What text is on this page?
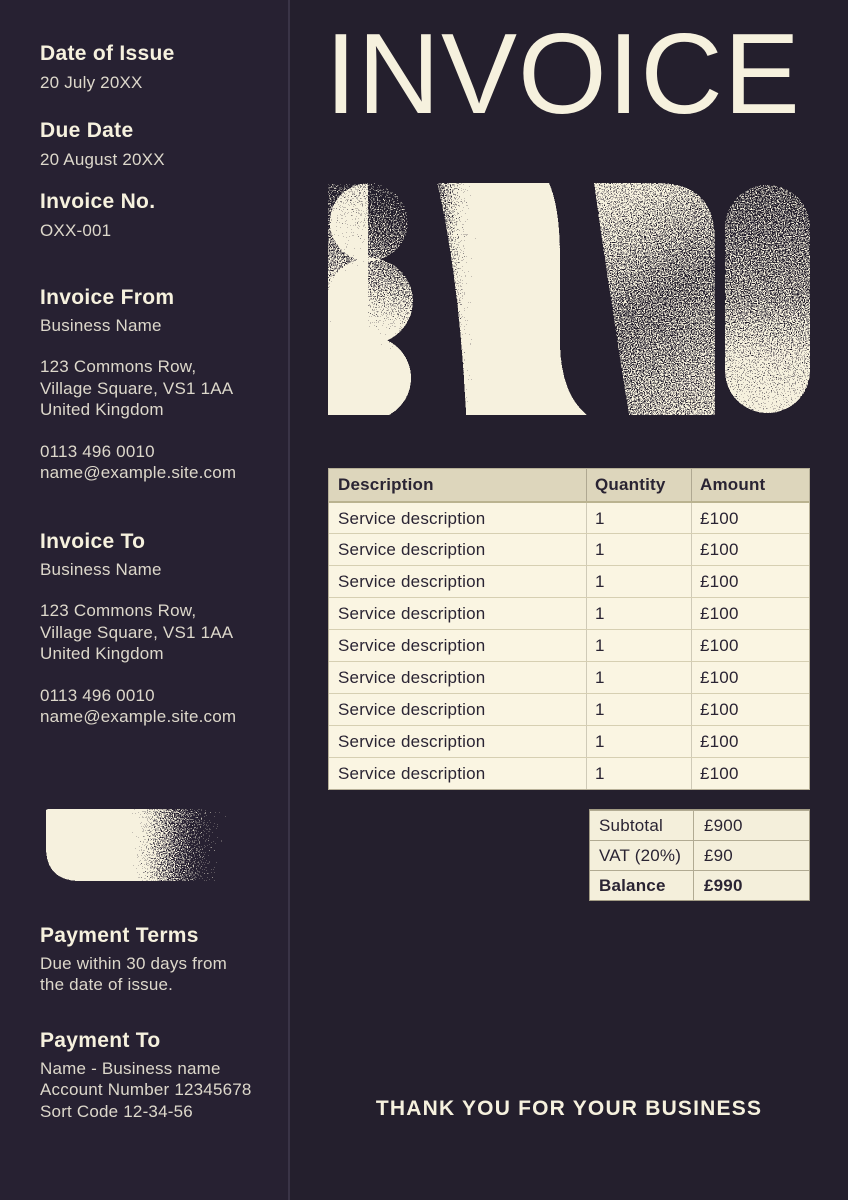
Date of Issue
20 July 20XX
Due Date
20 August 20XX
Invoice No.
OXX-001
Invoice From
Business Name
123 Commons Row,
Village Square, VS1 1AA
United Kingdom
0113 496 0010
name@example.site.com
Invoice To
Business Name
123 Commons Row,
Village Square, VS1 1AA
United Kingdom
0113 496 0010
name@example.site.com
Payment Terms
Due within 30 days from
the date of issue.
Payment To
Name - Business name
Account Number 12345678
Sort Code 12-34-56
INVOICE
Description	Quantity	Amount
Service description	1	£100
Service description	1	£100
Service description	1	£100
Service description	1	£100
Service description	1	£100
Service description	1	£100
Service description	1	£100
Service description	1	£100
Service description	1	£100
Subtotal	£900
VAT (20%)	£90
Balance	£990
THANK YOU FOR YOUR BUSINESS
